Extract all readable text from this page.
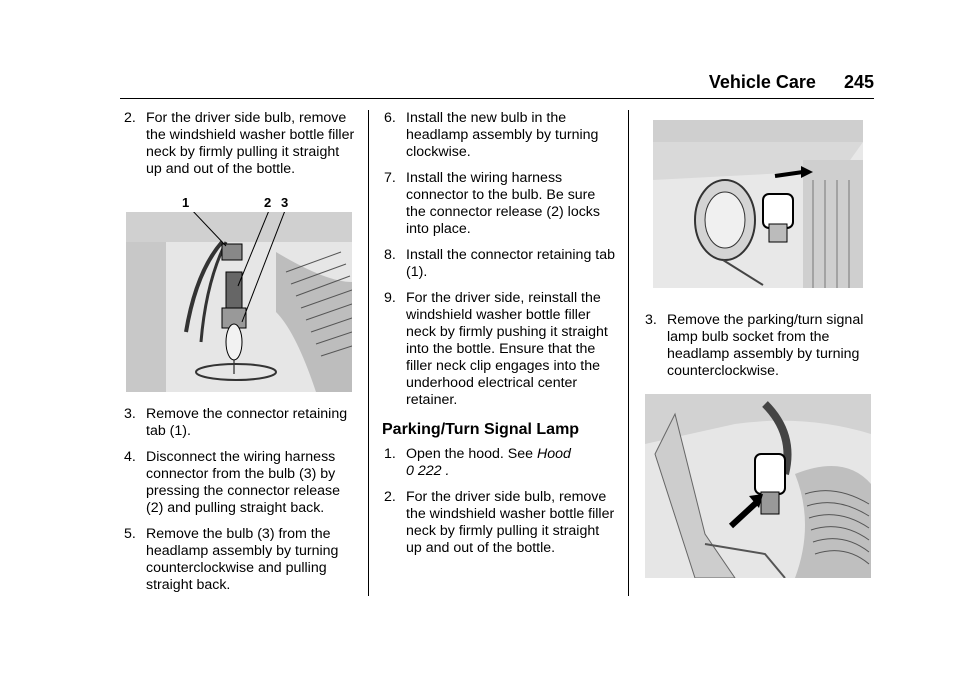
Vehicle Care 245
2. For the driver side bulb, remove the windshield washer bottle filler neck by firmly pulling it straight up and out of the bottle.
1	2 3
3. Remove the connector retaining tab (1).
4. Disconnect the wiring harness connector from the bulb (3) by pressing the connector release (2) and pulling straight back.
5. Remove the bulb (3) from the headlamp assembly by turning counterclockwise and pulling straight back.
6. Install the new bulb in the headlamp assembly by turning clockwise.
7. Install the wiring harness connector to the bulb. Be sure the connector release (2) locks into place.
8. Install the connector retaining tab (1).
9. For the driver side, reinstall the windshield washer bottle filler neck by firmly pushing it straight into the bottle. Ensure that the filler neck clip engages into the underhood electrical center retainer.
Parking/Turn Signal Lamp
1. Open the hood. See Hood
0 222 .
2. For the driver side bulb, remove the windshield washer bottle filler neck by firmly pulling it straight up and out of the bottle.
3. Remove the parking/turn signal lamp bulb socket from the headlamp assembly by turning counterclockwise.
